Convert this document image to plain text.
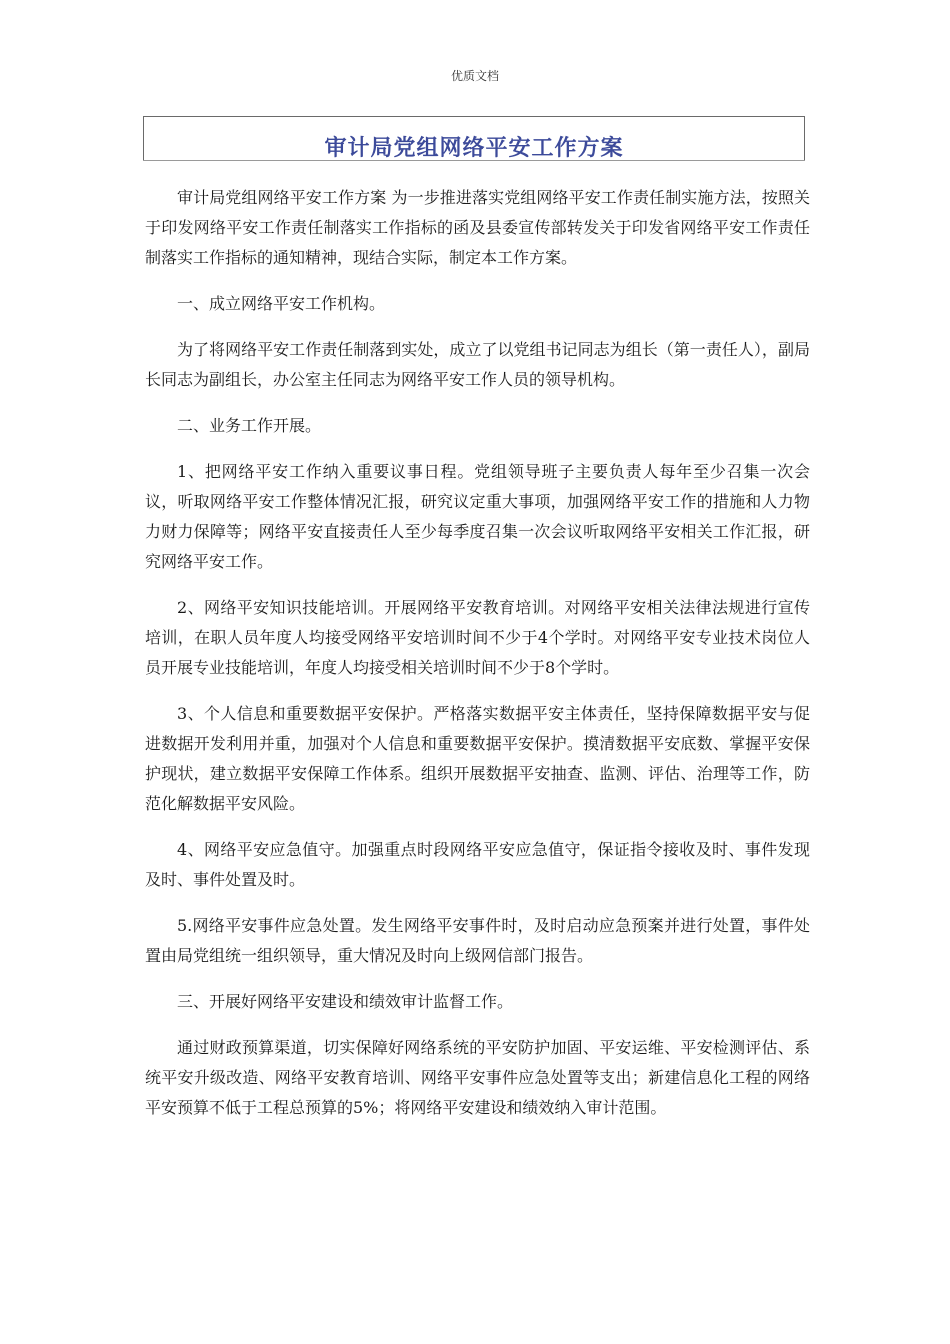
优质文档
审计局党组网络平安工作方案

审计局党组网络平安工作方案 为一步推进落实党组网络平安工作责任制实施方法，按照关于印发网络平安工作责任制落实工作指标的函及县委宣传部转发关于印发省网络平安工作责任制落实工作指标的通知精神，现结合实际，制定本工作方案。

一、成立网络平安工作机构。

为了将网络平安工作责任制落到实处，成立了以党组书记同志为组长（第一责任人），副局长同志为副组长，办公室主任同志为网络平安工作人员的领导机构。

二、业务工作开展。

1、把网络平安工作纳入重要议事日程。党组领导班子主要负责人每年至少召集一次会议，听取网络平安工作整体情况汇报，研究议定重大事项，加强网络平安工作的措施和人力物力财力保障等；网络平安直接责任人至少每季度召集一次会议听取网络平安相关工作汇报，研究网络平安工作。

2、网络平安知识技能培训。开展网络平安教育培训。对网络平安相关法律法规进行宣传培训，在职人员年度人均接受网络平安培训时间不少于4个学时。对网络平安专业技术岗位人员开展专业技能培训，年度人均接受相关培训时间不少于8个学时。

3、个人信息和重要数据平安保护。严格落实数据平安主体责任，坚持保障数据平安与促进数据开发利用并重，加强对个人信息和重要数据平安保护。摸清数据平安底数、掌握平安保护现状，建立数据平安保障工作体系。组织开展数据平安抽查、监测、评估、治理等工作，防范化解数据平安风险。

4、网络平安应急值守。加强重点时段网络平安应急值守，保证指令接收及时、事件发现及时、事件处置及时。

5.网络平安事件应急处置。发生网络平安事件时，及时启动应急预案并进行处置，事件处置由局党组统一组织领导，重大情况及时向上级网信部门报告。

三、开展好网络平安建设和绩效审计监督工作。

通过财政预算渠道，切实保障好网络系统的平安防护加固、平安运维、平安检测评估、系统平安升级改造、网络平安教育培训、网络平安事件应急处置等支出；新建信息化工程的网络平安预算不低于工程总预算的5%；将网络平安建设和绩效纳入审计范围。
